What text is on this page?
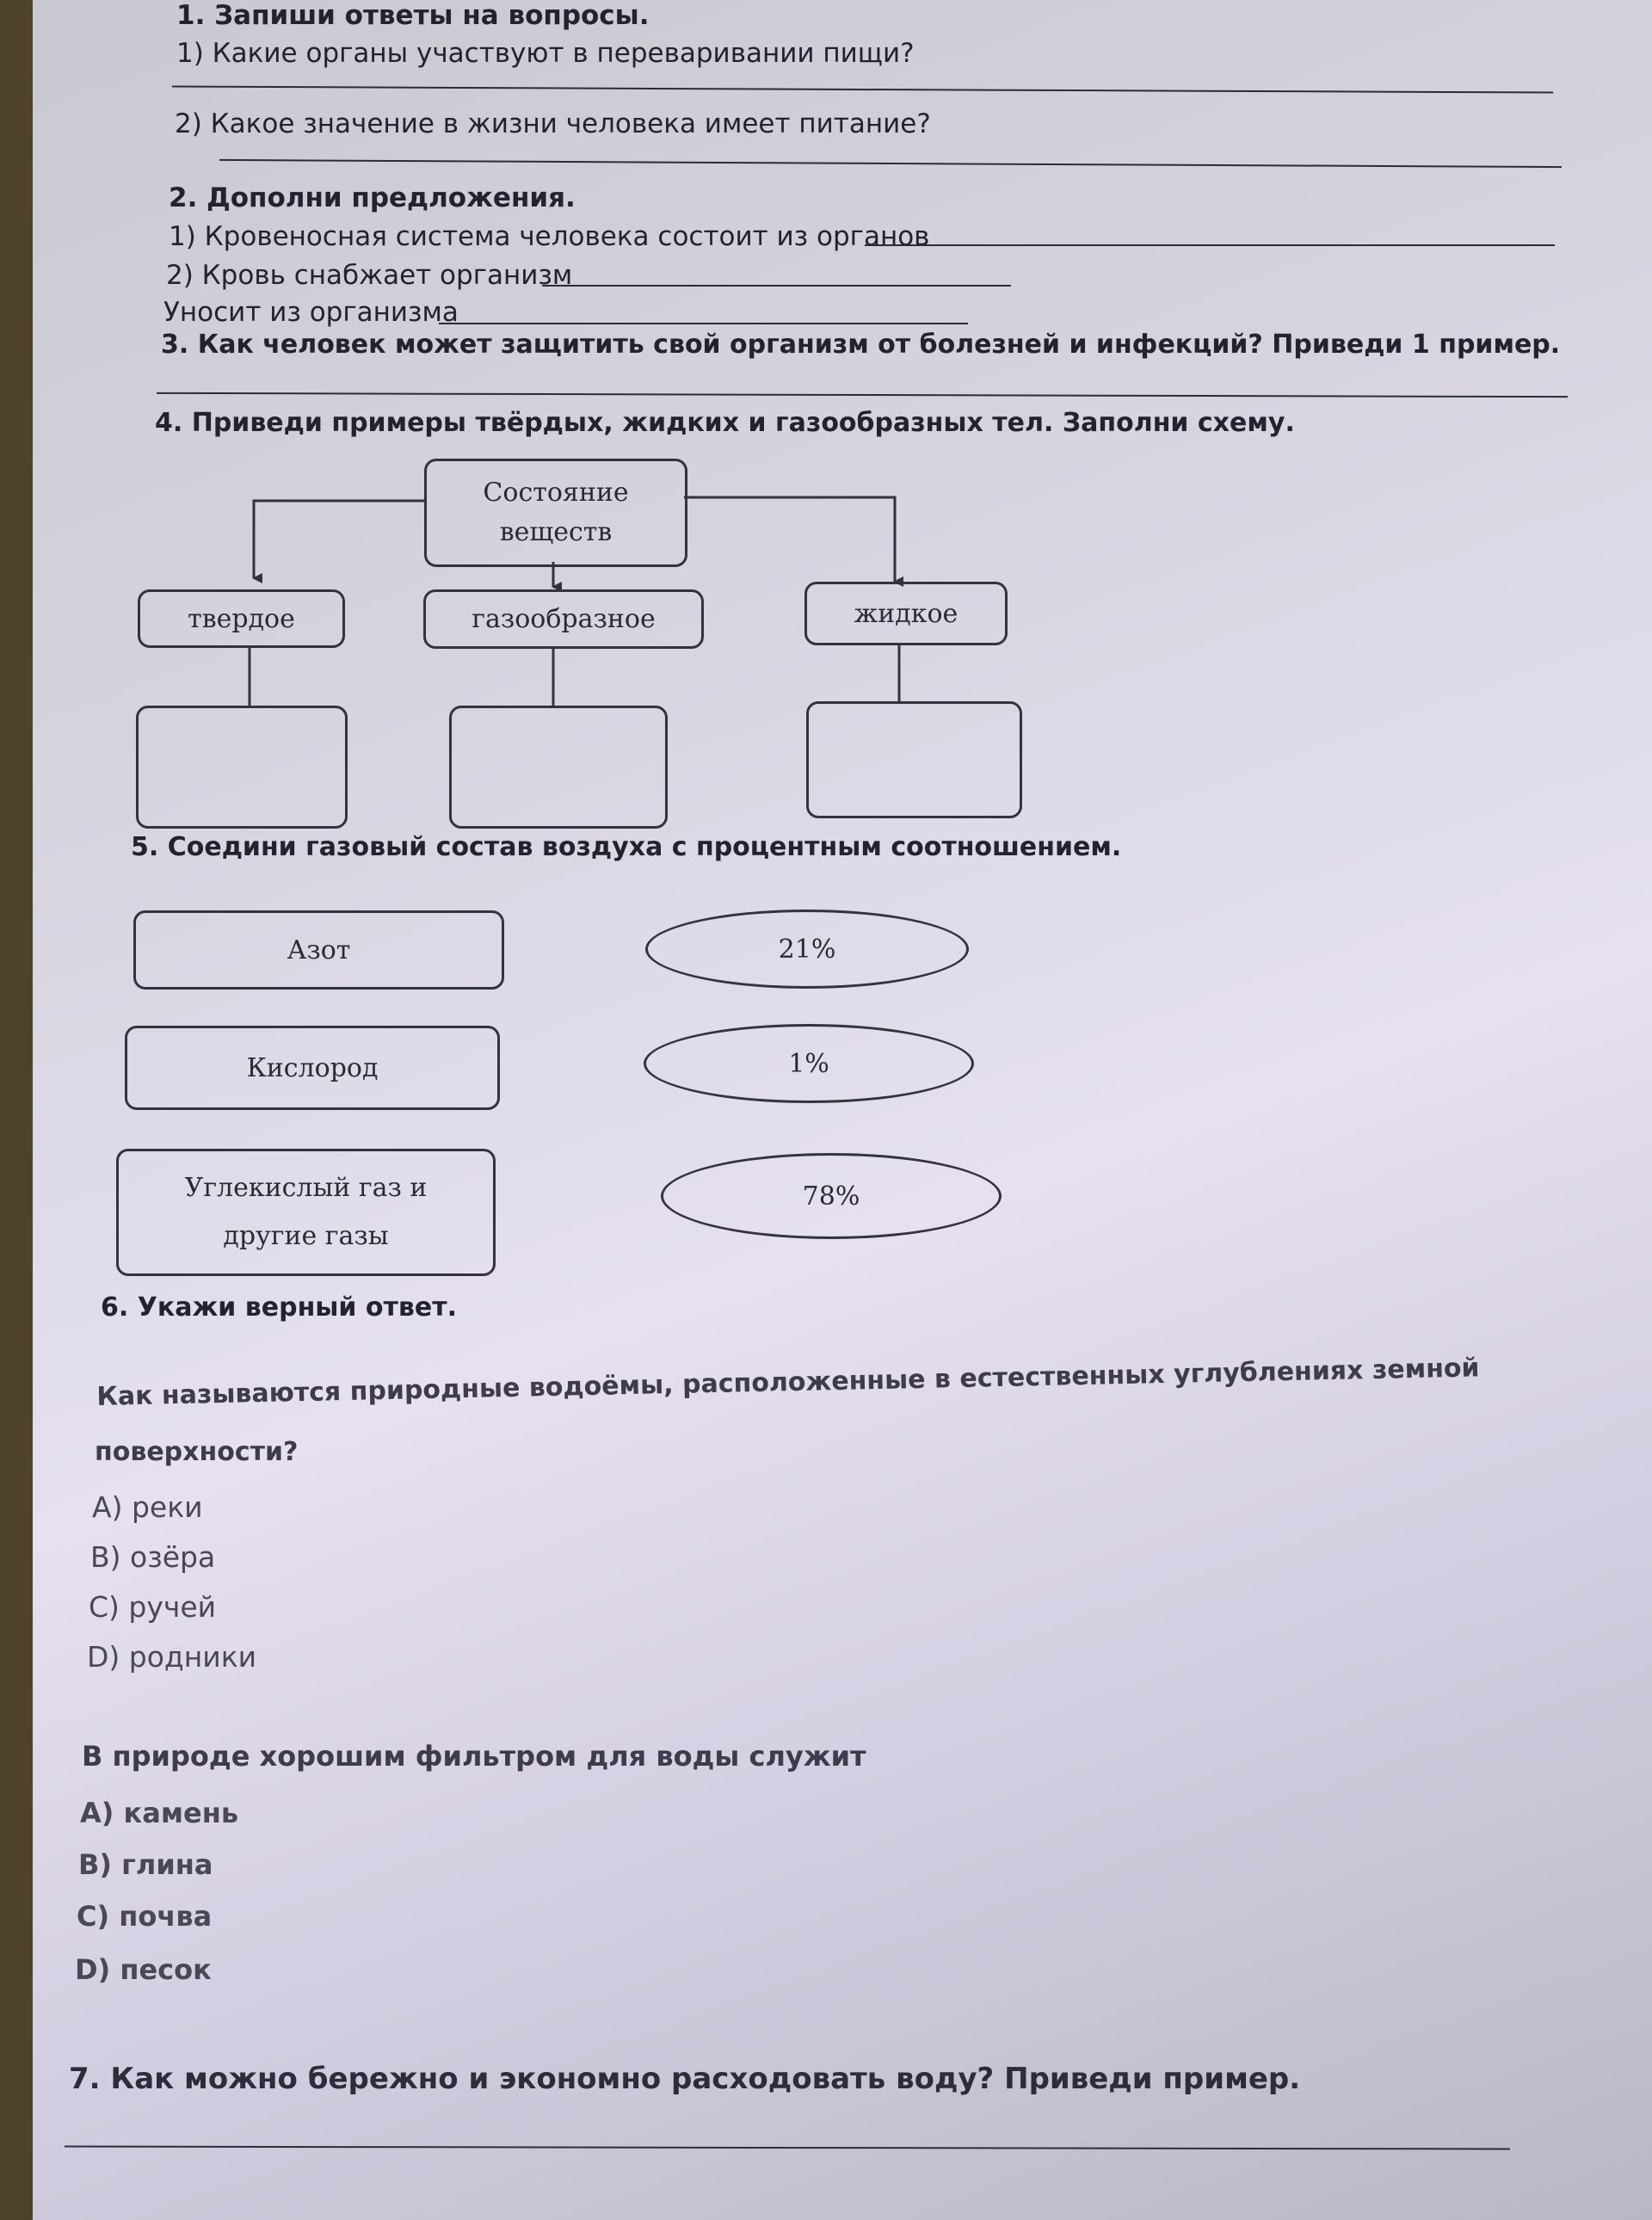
1. Запиши ответы на вопросы.
1) Какие органы участвуют в переваривании пищи?
2) Какое значение в жизни человека имеет питание?
2. Дополни предложения.
1) Кровеносная система человека состоит из органов
2) Кровь снабжает организм
Уносит из организма
3. Как человек может защитить свой организм от болезней и инфекций? Приведи 1 пример.
4. Приведи примеры твёрдых, жидких и газообразных тел. Заполни схему.
Состояние
веществ
твердое	газообразное	жидкое
5. Соедини газовый состав воздуха с процентным соотношением.
Азот
Кислород
Углекислый газ и
другие газы
21%
1%
78%
6. Укажи верный ответ.
Как называются природные водоёмы, расположенные в естественных углублениях земной
поверхности?
А) реки
В) озёра
С) ручей
D) родники
В природе хорошим фильтром для воды служит
А) камень
В) глина
С) почва
D) песок
7. Как можно бережно и экономно расходовать воду? Приведи пример.
